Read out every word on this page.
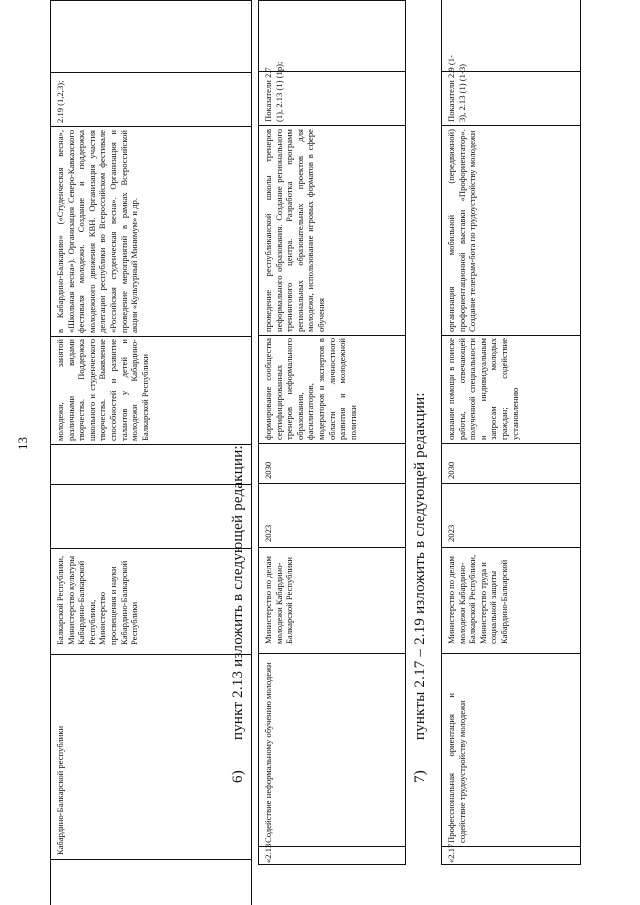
13
Кабардино-Балкарской республики
Балкарской Республики, Министерство культуры Кабардино-Балкарской Республики, Министерство просвещения и науки Кабардино-Балкарской Республики
молодежи, занятой различными видами творчества. Поддержка школьного и студенческого творчества. Выявление способностей и развитие талантов у детей и молодежи Кабардино-Балкарской Республики
в Кабардино-Балкарию» («Студенческая весна», «Школьная весна»). Организация Северо-Кавказского фестиваля молодежи. Создание и поддержка молодежного движения КВН. Организация участия делегации республики во Всероссийском фестивале «Российская студенческая весна». Организация и проведение мероприятий в рамках Всероссийской акции «Культурный Минимум» и др.
2.19 (1,2,3);
6)
пункт 2.13 изложить в следующей редакции:
«2.13
Содействие неформальному обучению молодежи
Министерство по делам молодежи Кабардино-Балкарской Республики
2023
2030
формирование сообщества сертифицированных тренеров неформального образования, фасилитаторов, модераторов и экспертов в области личностного развития и молодежной политики
проведение республиканской школы тренеров неформального образования. Создание регионального тренингового центра. Разработка программ региональных образовательных проектов для молодежи, использование игровых форматов в сфере обучения
Показатели 2.7 (1), 2.13 (1) (1р);
7)
пункты 2.17 – 2.19 изложить в следующей редакции:
«2.17
Профессиональная ориентация и содействие трудоустройству молодежи
Министерство по делам молодежи Кабардино-Балкарской Республики, Министерство труда и социальной защиты Кабардино-Балкарской
2023
2030
оказание помощи в поиске работы, отвечающей полученной специальности и индивидуальным запросам молодых граждан; содействие установлению
организация мобильной (передвижной) профориентационной выставки «Профориентатор». Создание телеграм-бота по трудоустройству молодежи
Показатели 2.9 (1-3), 2.13 (1) (1-3)
